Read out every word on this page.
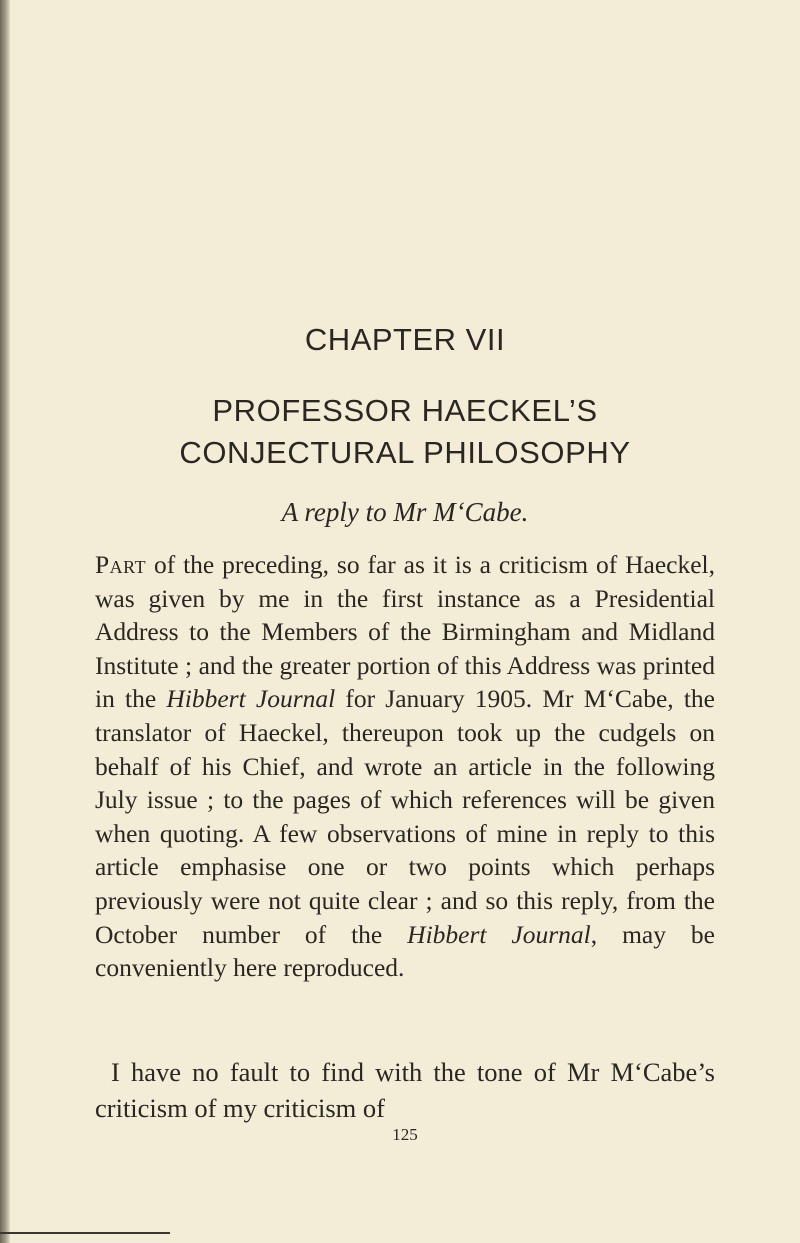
CHAPTER VII
PROFESSOR HAECKEL’S
CONJECTURAL PHILOSOPHY

A reply to Mr M‘Cabe.

Part of the preceding, so far as it is a criticism of Haeckel, was given by me in the first instance as a Presidential Address to the Members of the Birmingham and Midland Institute ; and the greater portion of this Address was printed in the Hibbert Journal for January 1905. Mr M‘Cabe, the translator of Haeckel, thereupon took up the cudgels on behalf of his Chief, and wrote an article in the following July issue ; to the pages of which references will be given when quoting. A few observations of mine in reply to this article emphasise one or two points which perhaps previously were not quite clear ; and so this reply, from the October number of the Hibbert Journal, may be conveniently here reproduced.

I have no fault to find with the tone of Mr M‘Cabe’s criticism of my criticism of

125
